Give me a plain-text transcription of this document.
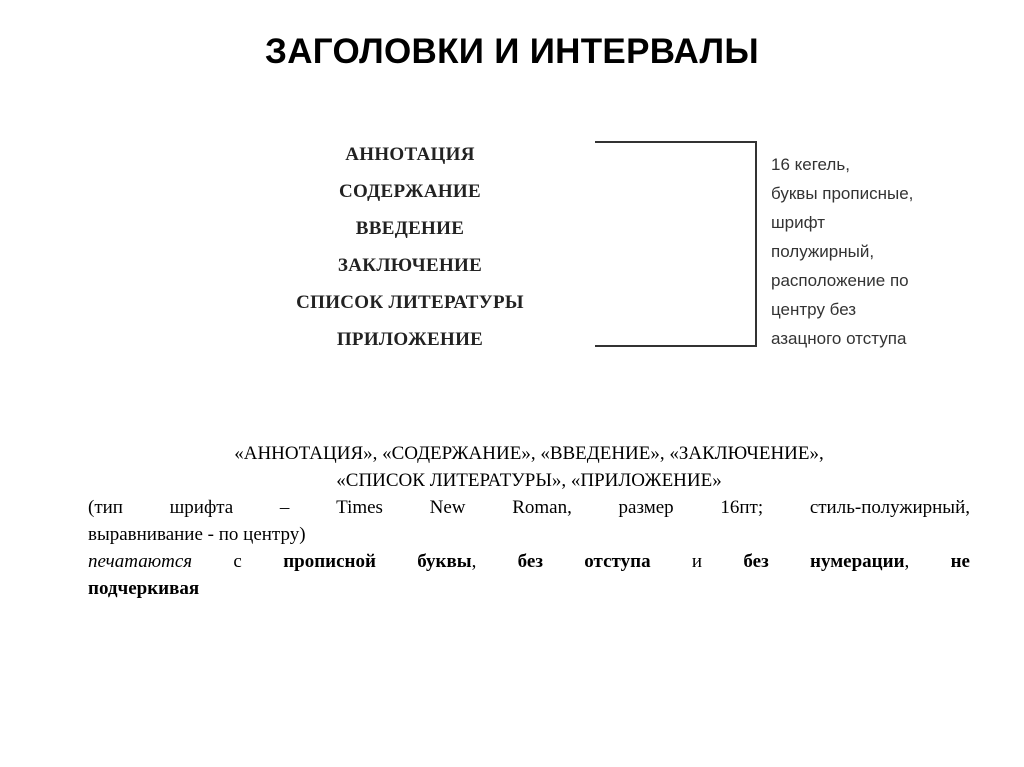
ЗАГОЛОВКИ И ИНТЕРВАЛЫ
АННОТАЦИЯ
СОДЕРЖАНИЕ
ВВЕДЕНИЕ
ЗАКЛЮЧЕНИЕ
СПИСОК ЛИТЕРАТУРЫ
ПРИЛОЖЕНИЕ
16 кегель,
буквы прописные,
шрифт
полужирный,
расположение по
центру без
азацного отступа
«АННОТАЦИЯ», «СОДЕРЖАНИЕ», «ВВЕДЕНИЕ», «ЗАКЛЮЧЕНИЕ»,
«СПИСОК ЛИТЕРАТУРЫ», «ПРИЛОЖЕНИЕ»
(тип шрифта – Times New Roman, размер 16пт; стиль-полужирный,
выравнивание - по центру)
печатаются с прописной буквы, без отступа и без нумерации, не
подчеркивая
